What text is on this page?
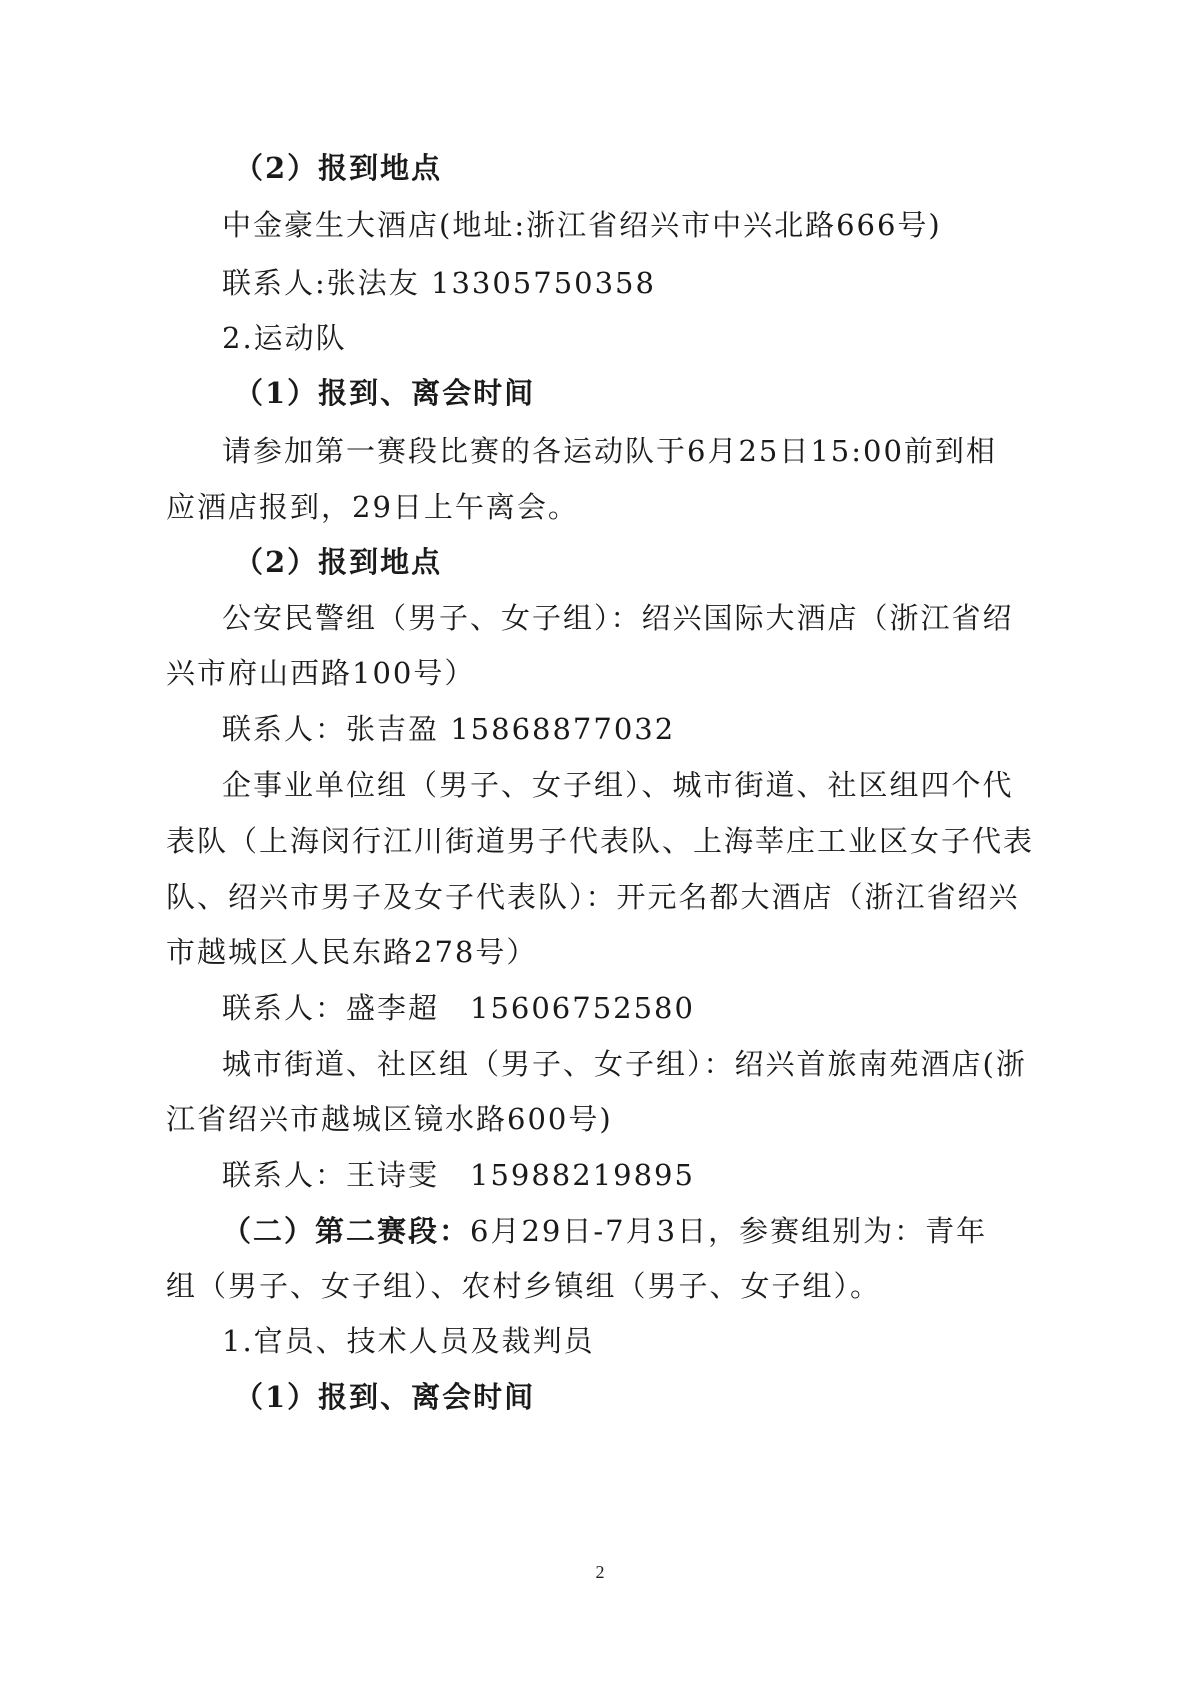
（2）报到地点
中金豪生大酒店(地址:浙江省绍兴市中兴北路666号)
联系人:张法友 13305750358
2.运动队
（1）报到、离会时间
请参加第一赛段比赛的各运动队于6月25日15:00前到相
应酒店报到，29日上午离会。
（2）报到地点
公安民警组（男子、女子组）：绍兴国际大酒店（浙江省绍
兴市府山西路100号）
联系人：张吉盈 15868877032
企事业单位组（男子、女子组）、城市街道、社区组四个代
表队（上海闵行江川街道男子代表队、上海莘庄工业区女子代表
队、绍兴市男子及女子代表队）：开元名都大酒店（浙江省绍兴
市越城区人民东路278号）
联系人：盛李超　15606752580
城市街道、社区组（男子、女子组）：绍兴首旅南苑酒店(浙
江省绍兴市越城区镜水路600号)
联系人：王诗雯　15988219895
（二）第二赛段：6月29日-7月3日，参赛组别为：青年
组（男子、女子组）、农村乡镇组（男子、女子组）。
1.官员、技术人员及裁判员
（1）报到、离会时间
2
